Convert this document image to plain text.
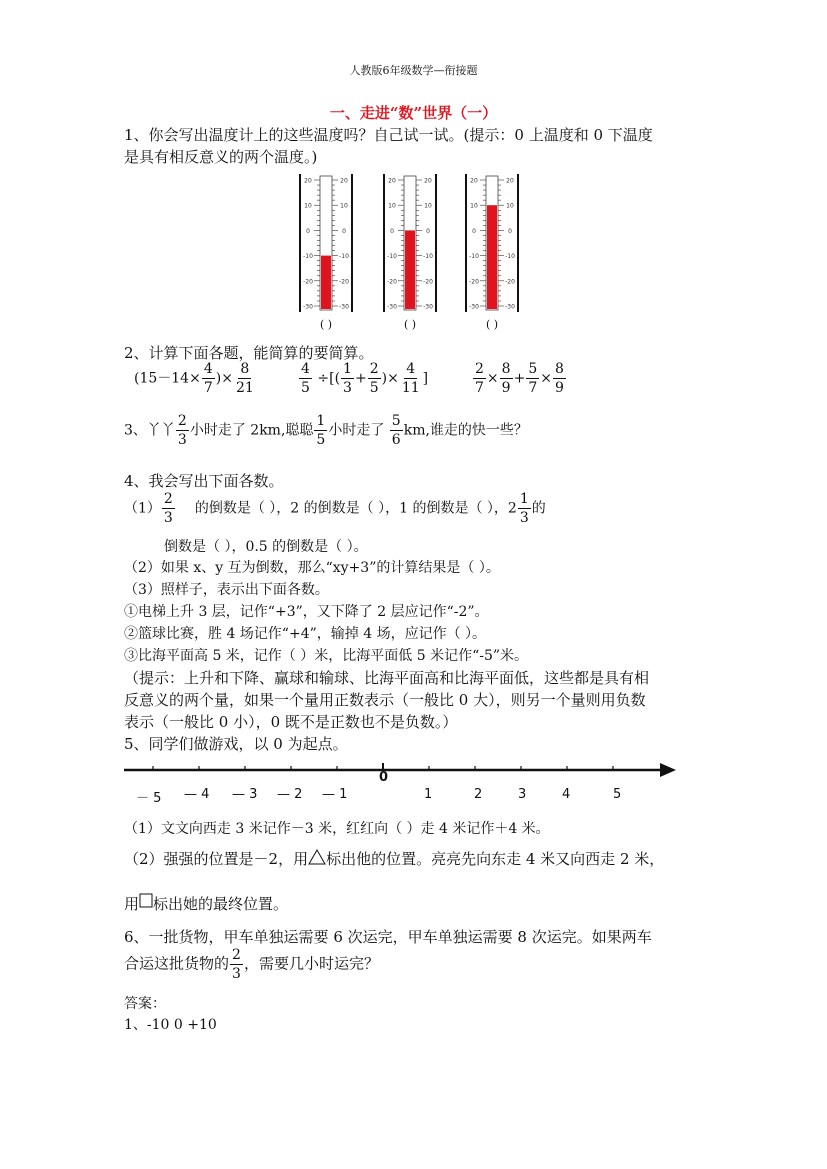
人教版6年级数学—衔接题
一、走进“数”世界（一）
1、你会写出温度计上的这些温度吗？自己试一试。(提示：0 上温度和 0 下温度
是具有相反意义的两个温度。)
20	20
10	10
0	0
-10	-10
-20	-20
-30	-30
( )
20	20
10	10
0	0
-10	-10
-20	-20
-30	-30
( )
20	20
10	10
0	0
-10	-10
-20	-20
-30	-30
( )
2、计算下面各题，能简算的要简算。
($15-14\times \frac{4}{7}$ )× $\frac{8}{21}$	$\frac{4}{5}$ ÷[( $\frac{1}{3} + \frac{2}{5}$ )× $\frac{4}{11}$ ]	$\frac{2}{7} \times \frac{8}{9} + \frac{5}{7} \times \frac{8}{9}$
3、丫丫 $\frac{2}{3}$ 小时走了 2km,聪聪 $\frac{1}{5}$ 小时走了 $\frac{5}{6}$ km,谁走的快一些？
4、我会写出下面各数。
$(1) \frac{2}{3}$ 的倒数是（ ），2 的倒数是（ ），1 的倒数是（ ），$2 \frac{1}{3}$ 的
倒数是（ ），0.5 的倒数是（ ）。
（2）如果 x、y 互为倒数，那么“xy+3”的计算结果是（ ）。
（3）照样子，表示出下面各数。
①电梯上升 3 层，记作“+3”，又下降了 2 层应记作“-2”。
②篮球比赛，胜 4 场记作“+4”，输掉 4 场，应记作（ ）。
③比海平面高 5 米，记作（ ）米，比海平面低 5 米记作“-5”米。
（提示：上升和下降、赢球和输球、比海平面高和比海平面低，这些都是具有相
反意义的两个量，如果一个量用正数表示（一般比 0 大），则另一个量则用负数
表示（一般比 0 小），0 既不是正数也不是负数。）
5、同学们做游戏，以 0 为起点。
0
－ 5 — 4 — 3 — 2 — 1	1	2	3	4	5
（1）文文向西走 3 米记作－3 米，红红向（ ）走 4 米记作＋4 米。
（2）强强的位置是－2，用 标出他的位置。亮亮先向东走 4 米又向西走 2 米，
用 标出她的最终位置。
6、一批货物，甲车单独运需要 6 次运完，甲车单独运需要 8 次运完。如果两车
合运这批货物的 $\frac{2}{3}$ ，需要几小时运完？
答案：
1、-10 0 +10
